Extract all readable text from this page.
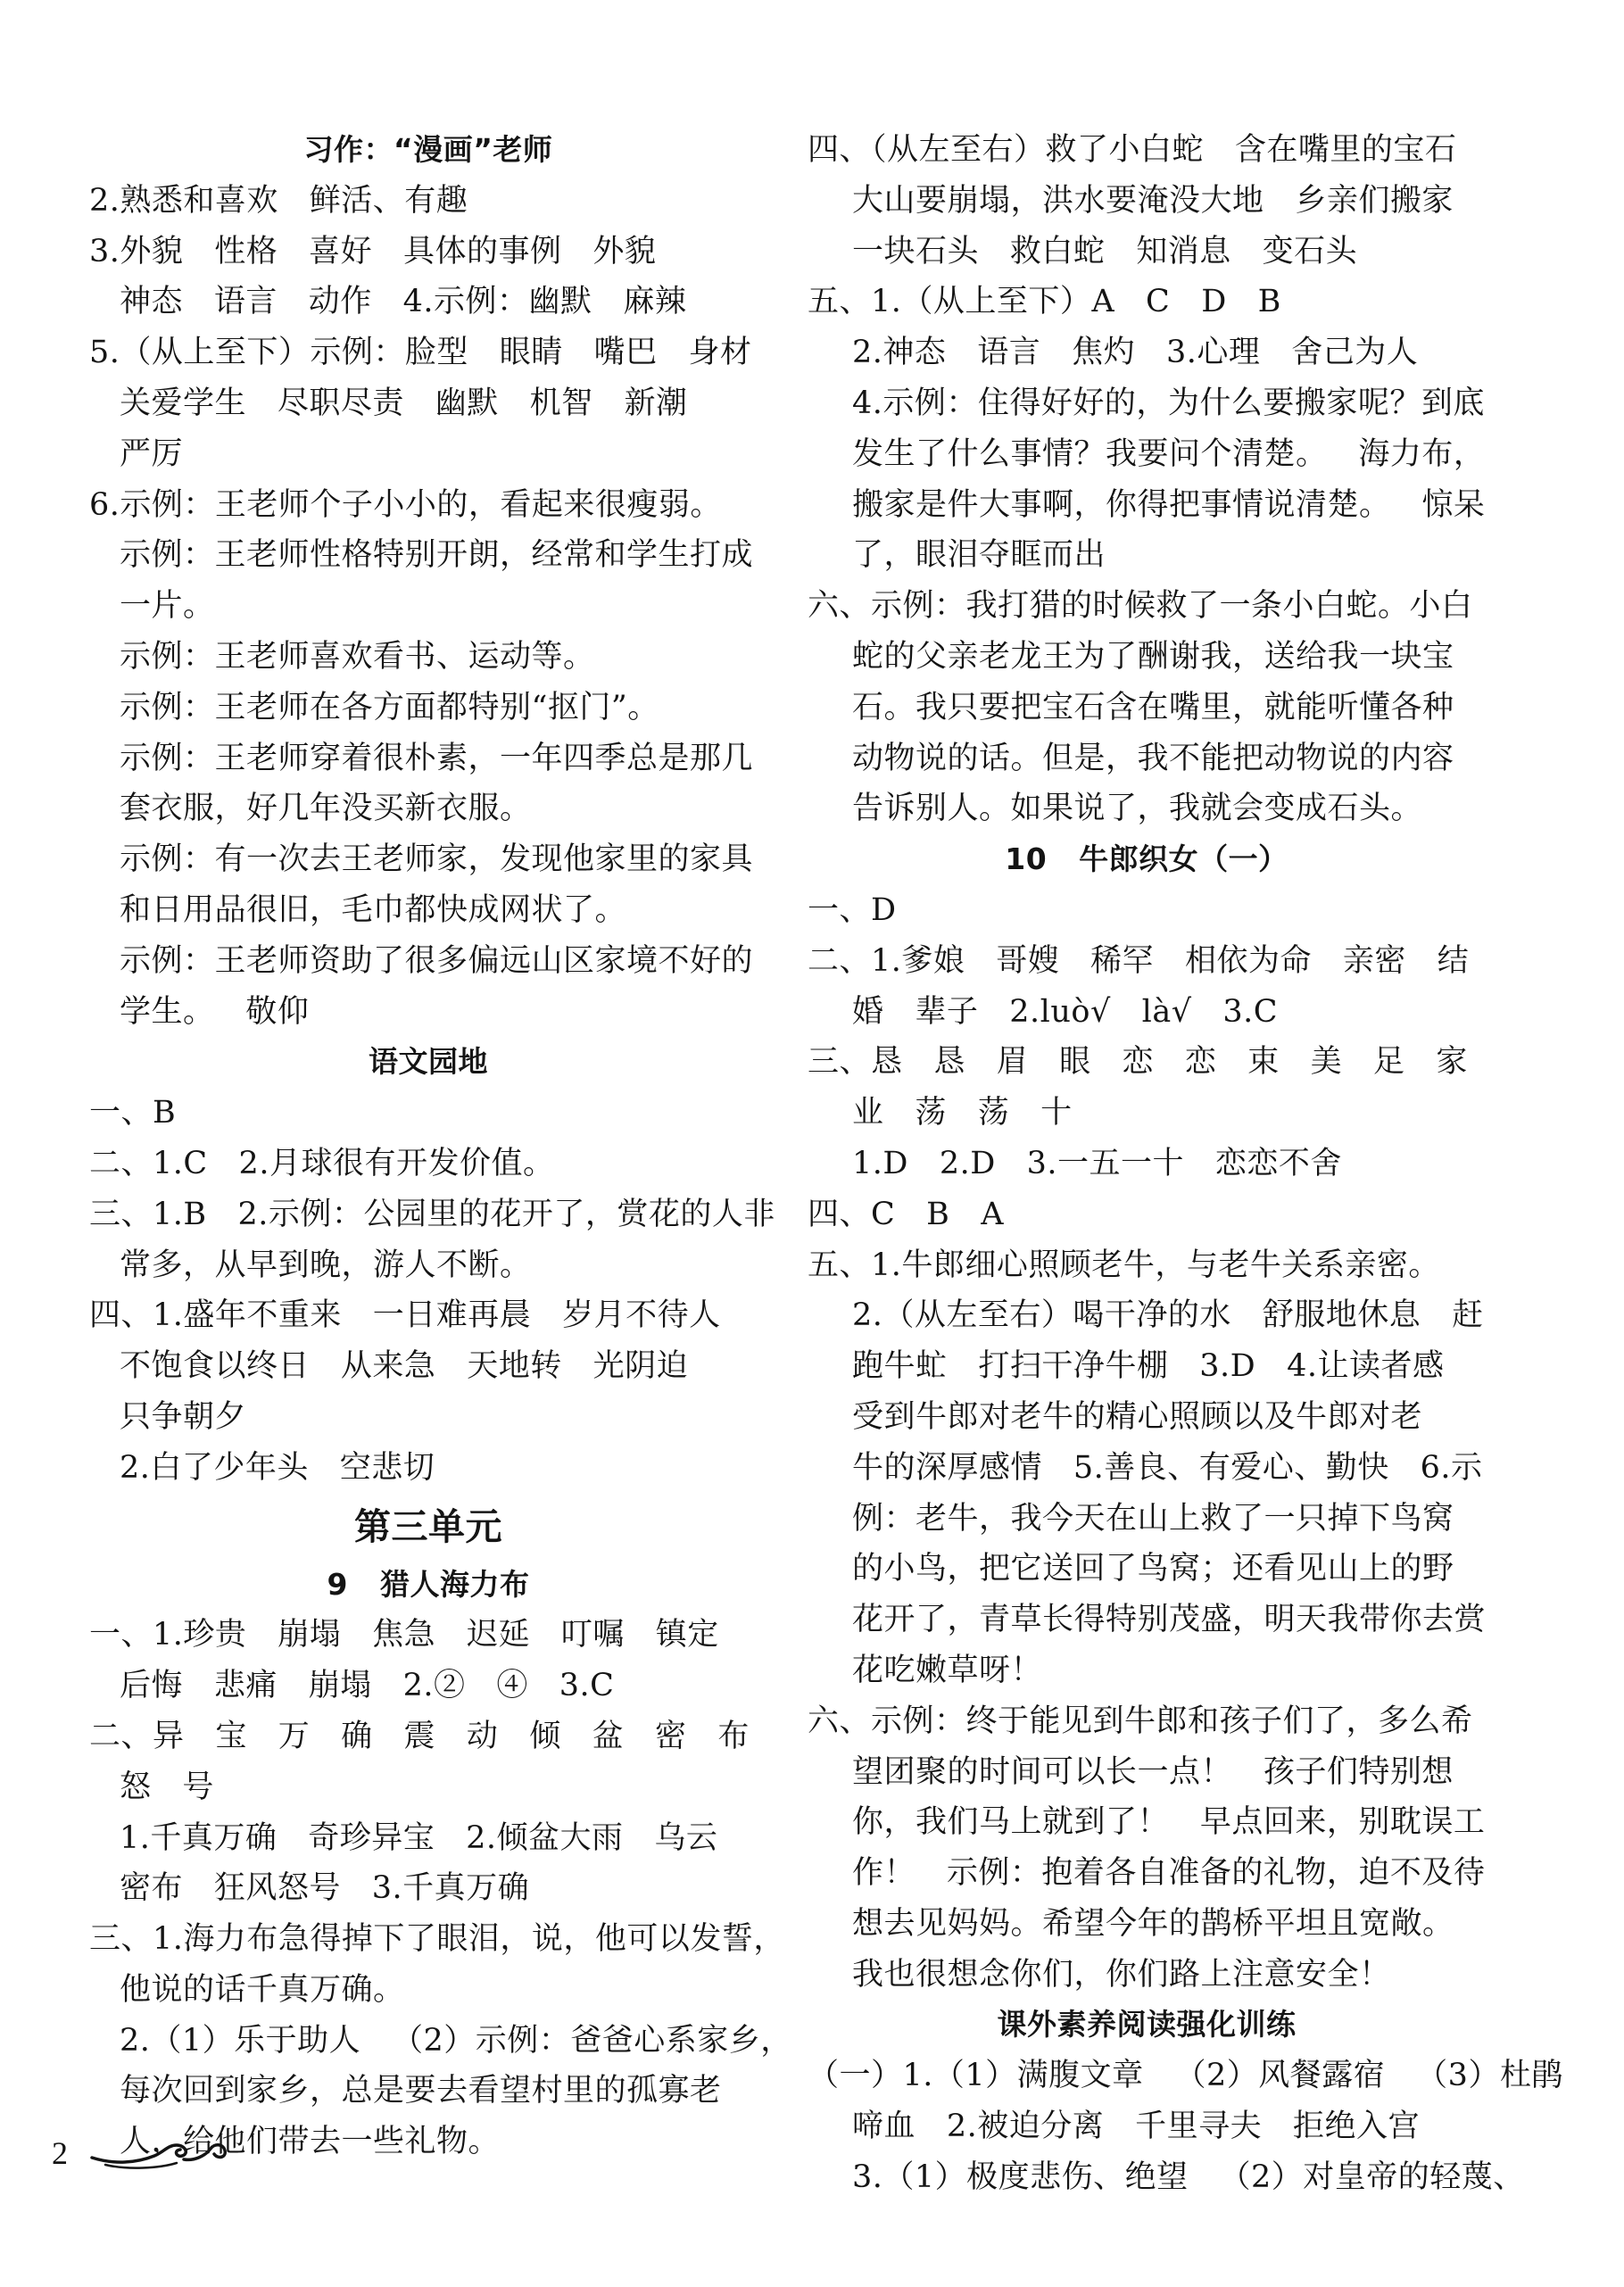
习作：“漫画”老师
2.熟悉和喜欢   鲜活、有趣
3.外貌   性格   喜好   具体的事例   外貌
神态   语言   动作   4.示例：幽默   麻辣
5.（从上至下）示例：脸型   眼睛   嘴巴   身材
关爱学生   尽职尽责   幽默   机智   新潮
严厉
6.示例：王老师个子小小的，看起来很瘦弱。
示例：王老师性格特别开朗，经常和学生打成
一片。
示例：王老师喜欢看书、运动等。
示例：王老师在各方面都特别“抠门”。
示例：王老师穿着很朴素，一年四季总是那几
套衣服，好几年没买新衣服。
示例：有一次去王老师家，发现他家里的家具
和日用品很旧，毛巾都快成网状了。
示例：王老师资助了很多偏远山区家境不好的
学生。   敬仰
语文园地
一、B
二、1.C   2.月球很有开发价值。
三、1.B   2.示例：公园里的花开了，赏花的人非
常多，从早到晚，游人不断。
四、1.盛年不重来   一日难再晨   岁月不待人
不饱食以终日   从来急   天地转   光阴迫
只争朝夕
2.白了少年头   空悲切
第三单元
9   猎人海力布
一、1.珍贵   崩塌   焦急   迟延   叮嘱   镇定
后悔   悲痛   崩塌   2.②   ④   3.C
二、异   宝   万   确   震   动   倾   盆   密   布
怒   号
1.千真万确   奇珍异宝   2.倾盆大雨   乌云
密布   狂风怒号   3.千真万确
三、1.海力布急得掉下了眼泪，说，他可以发誓，
他说的话千真万确。
2.（1）乐于助人   （2）示例：爸爸心系家乡，
每次回到家乡，总是要去看望村里的孤寡老
人，给他们带去一些礼物。
四、（从左至右）救了小白蛇   含在嘴里的宝石
大山要崩塌，洪水要淹没大地   乡亲们搬家
一块石头   救白蛇   知消息   变石头
五、1.（从上至下）A   C   D   B
2.神态   语言   焦灼   3.心理   舍己为人
4.示例：住得好好的，为什么要搬家呢？到底
发生了什么事情？我要问个清楚。   海力布，
搬家是件大事啊，你得把事情说清楚。   惊呆
了，眼泪夺眶而出
六、示例：我打猎的时候救了一条小白蛇。小白
蛇的父亲老龙王为了酬谢我，送给我一块宝
石。我只要把宝石含在嘴里，就能听懂各种
动物说的话。但是，我不能把动物说的内容
告诉别人。如果说了，我就会变成石头。
10   牛郎织女（一）
一、D
二、1.爹娘   哥嫂   稀罕   相依为命   亲密   结
婚   辈子   2.luò√   là√   3.C
三、恳   恳   眉   眼   恋   恋   束   美   足   家
业   荡   荡   十
1.D   2.D   3.一五一十   恋恋不舍
四、C   B   A
五、1.牛郎细心照顾老牛，与老牛关系亲密。
2.（从左至右）喝干净的水   舒服地休息   赶
跑牛虻   打扫干净牛棚   3.D   4.让读者感
受到牛郎对老牛的精心照顾以及牛郎对老
牛的深厚感情   5.善良、有爱心、勤快   6.示
例：老牛，我今天在山上救了一只掉下鸟窝
的小鸟，把它送回了鸟窝；还看见山上的野
花开了，青草长得特别茂盛，明天我带你去赏
花吃嫩草呀！
六、示例：终于能见到牛郎和孩子们了，多么希
望团聚的时间可以长一点！   孩子们特别想
你，我们马上就到了！   早点回来，别耽误工
作！   示例：抱着各自准备的礼物，迫不及待
想去见妈妈。希望今年的鹊桥平坦且宽敞。
我也很想念你们，你们路上注意安全！
课外素养阅读强化训练
（一）1.（1）满腹文章   （2）风餐露宿   （3）杜鹃
啼血   2.被迫分离   千里寻夫   拒绝入宫
3.（1）极度悲伤、绝望   （2）对皇帝的轻蔑、
2
